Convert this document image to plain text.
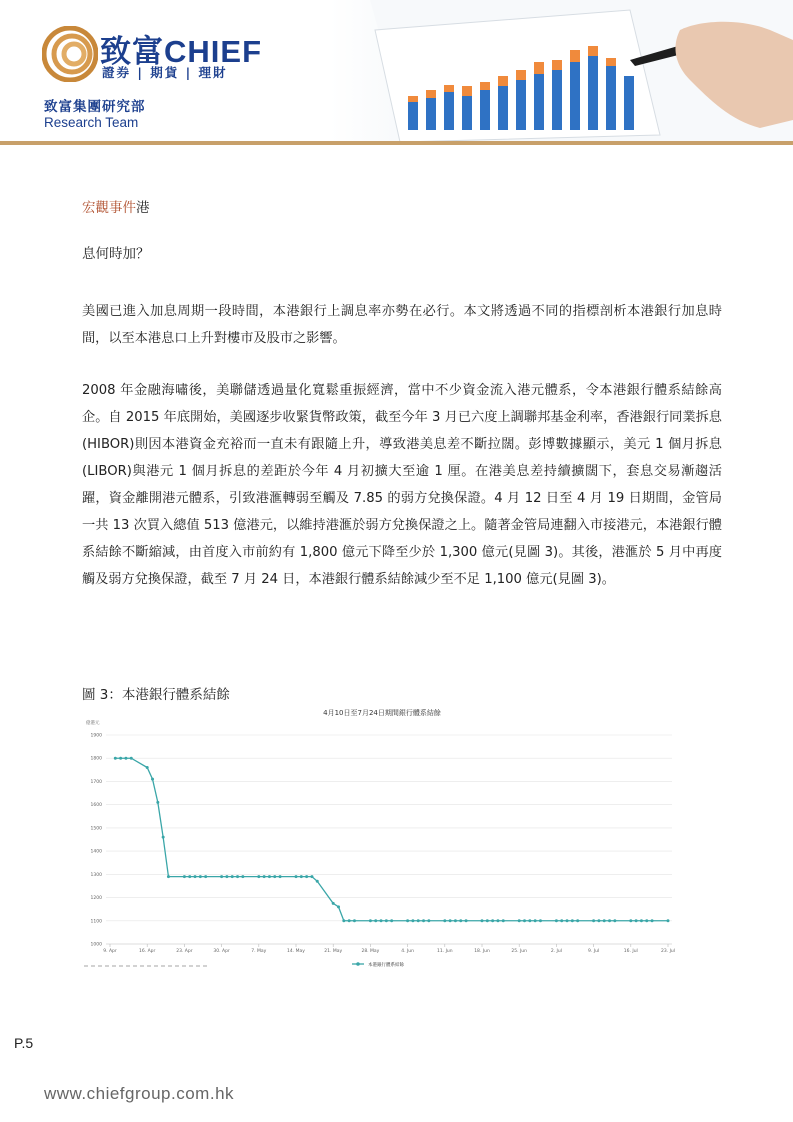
致富CHIEF
證券 | 期貨 | 理財
致富集團研究部
Research Team
宏觀事件港
息何時加？

美國已進入加息周期一段時間，本港銀行上調息率亦勢在必行。本文將透過不同的指標剖析本港銀行加息時間，以至本港息口上升對樓市及股市之影響。

2008 年金融海嘯後，美聯儲透過量化寬鬆重振經濟，當中不少資金流入港元體系，令本港銀行體系結餘高企。自 2015 年底開始，美國逐步收緊貨幣政策，截至今年 3 月已六度上調聯邦基金利率，香港銀行同業拆息(HIBOR)則因本港資金充裕而一直未有跟隨上升，導致港美息差不斷拉闊。彭博數據顯示，美元 1 個月拆息(LIBOR)與港元 1 個月拆息的差距於今年 4 月初擴大至逾 1 厘。在港美息差持續擴闊下，套息交易漸趨活躍，資金離開港元體系，引致港滙轉弱至觸及 7.85 的弱方兌換保證。4 月 12 日至 4 月 19 日期間，金管局一共 13 次買入總值 513 億港元，以維持港滙於弱方兌換保證之上。隨著金管局連翻入市接港元，本港銀行體系結餘不斷縮減，由首度入市前約有 1,800 億元下降至少於 1,300 億元(見圖 3)。其後，港滙於 5 月中再度觸及弱方兌換保證，截至 7 月 24 日，本港銀行體系結餘減少至不足 1,100 億元(見圖 3)。

圖 3：本港銀行體系結餘
4月10日至7月24日期間銀行體系結餘
億港元
1000
1100
1200
1300
1400
1500
1600
1700
1800
1900
9. Apr	16. Apr	23. Apr	30. Apr	7. May	14. May	21. May	28. May	4. Jun	11. Jun	18. Jun	25. Jun	2. Jul	9. Jul	16. Jul	23. Jul
本港銀行體系結餘
P.5
www.chiefgroup.com.hk
